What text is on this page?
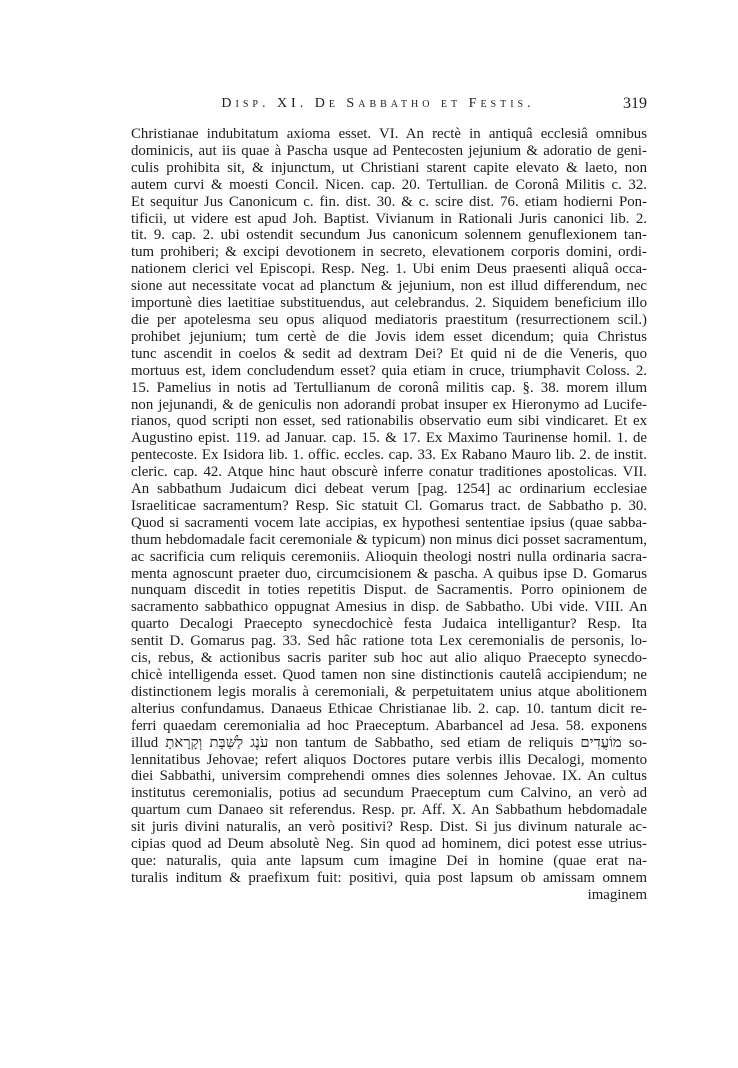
Disp. XI. De Sabbatho et Festis.	319
Christianae indubitatum axioma esset. VI. An rectè in antiquâ ecclesiâ omnibus
dominicis, aut iis quae à Pascha usque ad Pentecosten jejunium & adoratio de geni-
culis prohibita sit, & injunctum, ut Christiani starent capite elevato & laeto, non
autem curvi & moesti Concil. Nicen. cap. 20. Tertullian. de Coronâ Militis c. 32.
Et sequitur Jus Canonicum c. fin. dist. 30. & c. scire dist. 76. etiam hodierni Pon-
tificii, ut videre est apud Joh. Baptist. Vivianum in Rationali Juris canonici lib. 2.
tit. 9. cap. 2. ubi ostendit secundum Jus canonicum solennem genuflexionem tan-
tum prohiberi; & excipi devotionem in secreto, elevationem corporis domini, ordi-
nationem clerici vel Episcopi. Resp. Neg. 1. Ubi enim Deus praesenti aliquâ occa-
sione aut necessitate vocat ad planctum & jejunium, non est illud differendum, nec
importunè dies laetitiae substituendus, aut celebrandus. 2. Siquidem beneficium illo
die per apotelesma seu opus aliquod mediatoris praestitum (resurrectionem scil.)
prohibet jejunium; tum certè de die Jovis idem esset dicendum; quia Christus
tunc ascendit in coelos & sedit ad dextram Dei? Et quid ni de die Veneris, quo
mortuus est, idem concludendum esset? quia etiam in cruce, triumphavit Coloss. 2.
15. Pamelius in notis ad Tertullianum de coronâ militis cap. §. 38. morem illum
non jejunandi, & de geniculis non adorandi probat insuper ex Hieronymo ad Lucife-
rianos, quod scripti non esset, sed rationabilis observatio eum sibi vindicaret. Et ex
Augustino epist. 119. ad Januar. cap. 15. & 17. Ex Maximo Taurinense homil. 1. de
pentecoste. Ex Isidora lib. 1. offic. eccles. cap. 33. Ex Rabano Mauro lib. 2. de instit.
cleric. cap. 42. Atque hinc haut obscurè inferre conatur traditiones apostolicas. VII.
An sabbathum Judaicum dici debeat verum [pag. 1254] ac ordinarium ecclesiae
Israeliticae sacramentum? Resp. Sic statuit Cl. Gomarus tract. de Sabbatho p. 30.
Quod si sacramenti vocem late accipias, ex hypothesi sententiae ipsius (quae sabba-
thum hebdomadale facit ceremoniale & typicum) non minus dici posset sacramentum,
ac sacrificia cum reliquis ceremoniis. Alioquin theologi nostri nulla ordinaria sacra-
menta agnoscunt praeter duo, circumcisionem & pascha. A quibus ipse D. Gomarus
nunquam discedit in toties repetitis Disput. de Sacramentis. Porro opinionem de
sacramento sabbathico oppugnat Amesius in disp. de Sabbatho. Ubi vide. VIII. An
quarto Decalogi Praecepto synecdochicè festa Judaica intelligantur? Resp. Ita
sentit D. Gomarus pag. 33. Sed hâc ratione tota Lex ceremonialis de personis, lo-
cis, rebus, & actionibus sacris pariter sub hoc aut alio aliquo Praecepto synecdo-
chicè intelligenda esset. Quod tamen non sine distinctionis cautelâ accipiendum; ne
distinctionem legis moralis à ceremoniali, & perpetuitatem unius atque abolitionem
alterius confundamus. Danaeus Ethicae Christianae lib. 2. cap. 10. tantum dicit re-
ferri quaedam ceremonialia ad hoc Praeceptum. Abarbancel ad Jesa. 58. exponens
illud עֹנֶג לַשַּׁבָּת וְקָרָאתָ non tantum de Sabbatho, sed etiam de reliquis מוֹעֲדִים so-
lennitatibus Jehovae; refert aliquos Doctores putare verbis illis Decalogi, momento
diei Sabbathi, universim comprehendi omnes dies solennes Jehovae. IX. An cultus
institutus ceremonialis, potius ad secundum Praeceptum cum Calvino, an verò ad
quartum cum Danaeo sit referendus. Resp. pr. Aff. X. An Sabbathum hebdomadale
sit juris divini naturalis, an verò positivi? Resp. Dist. Si jus divinum naturale ac-
cipias quod ad Deum absolutè Neg. Sin quod ad hominem, dici potest esse utrius-
que: naturalis, quia ante lapsum cum imagine Dei in homine (quae erat na-
turalis inditum & praefixum fuit: positivi, quia post lapsum ob amissam omnem
imaginem
